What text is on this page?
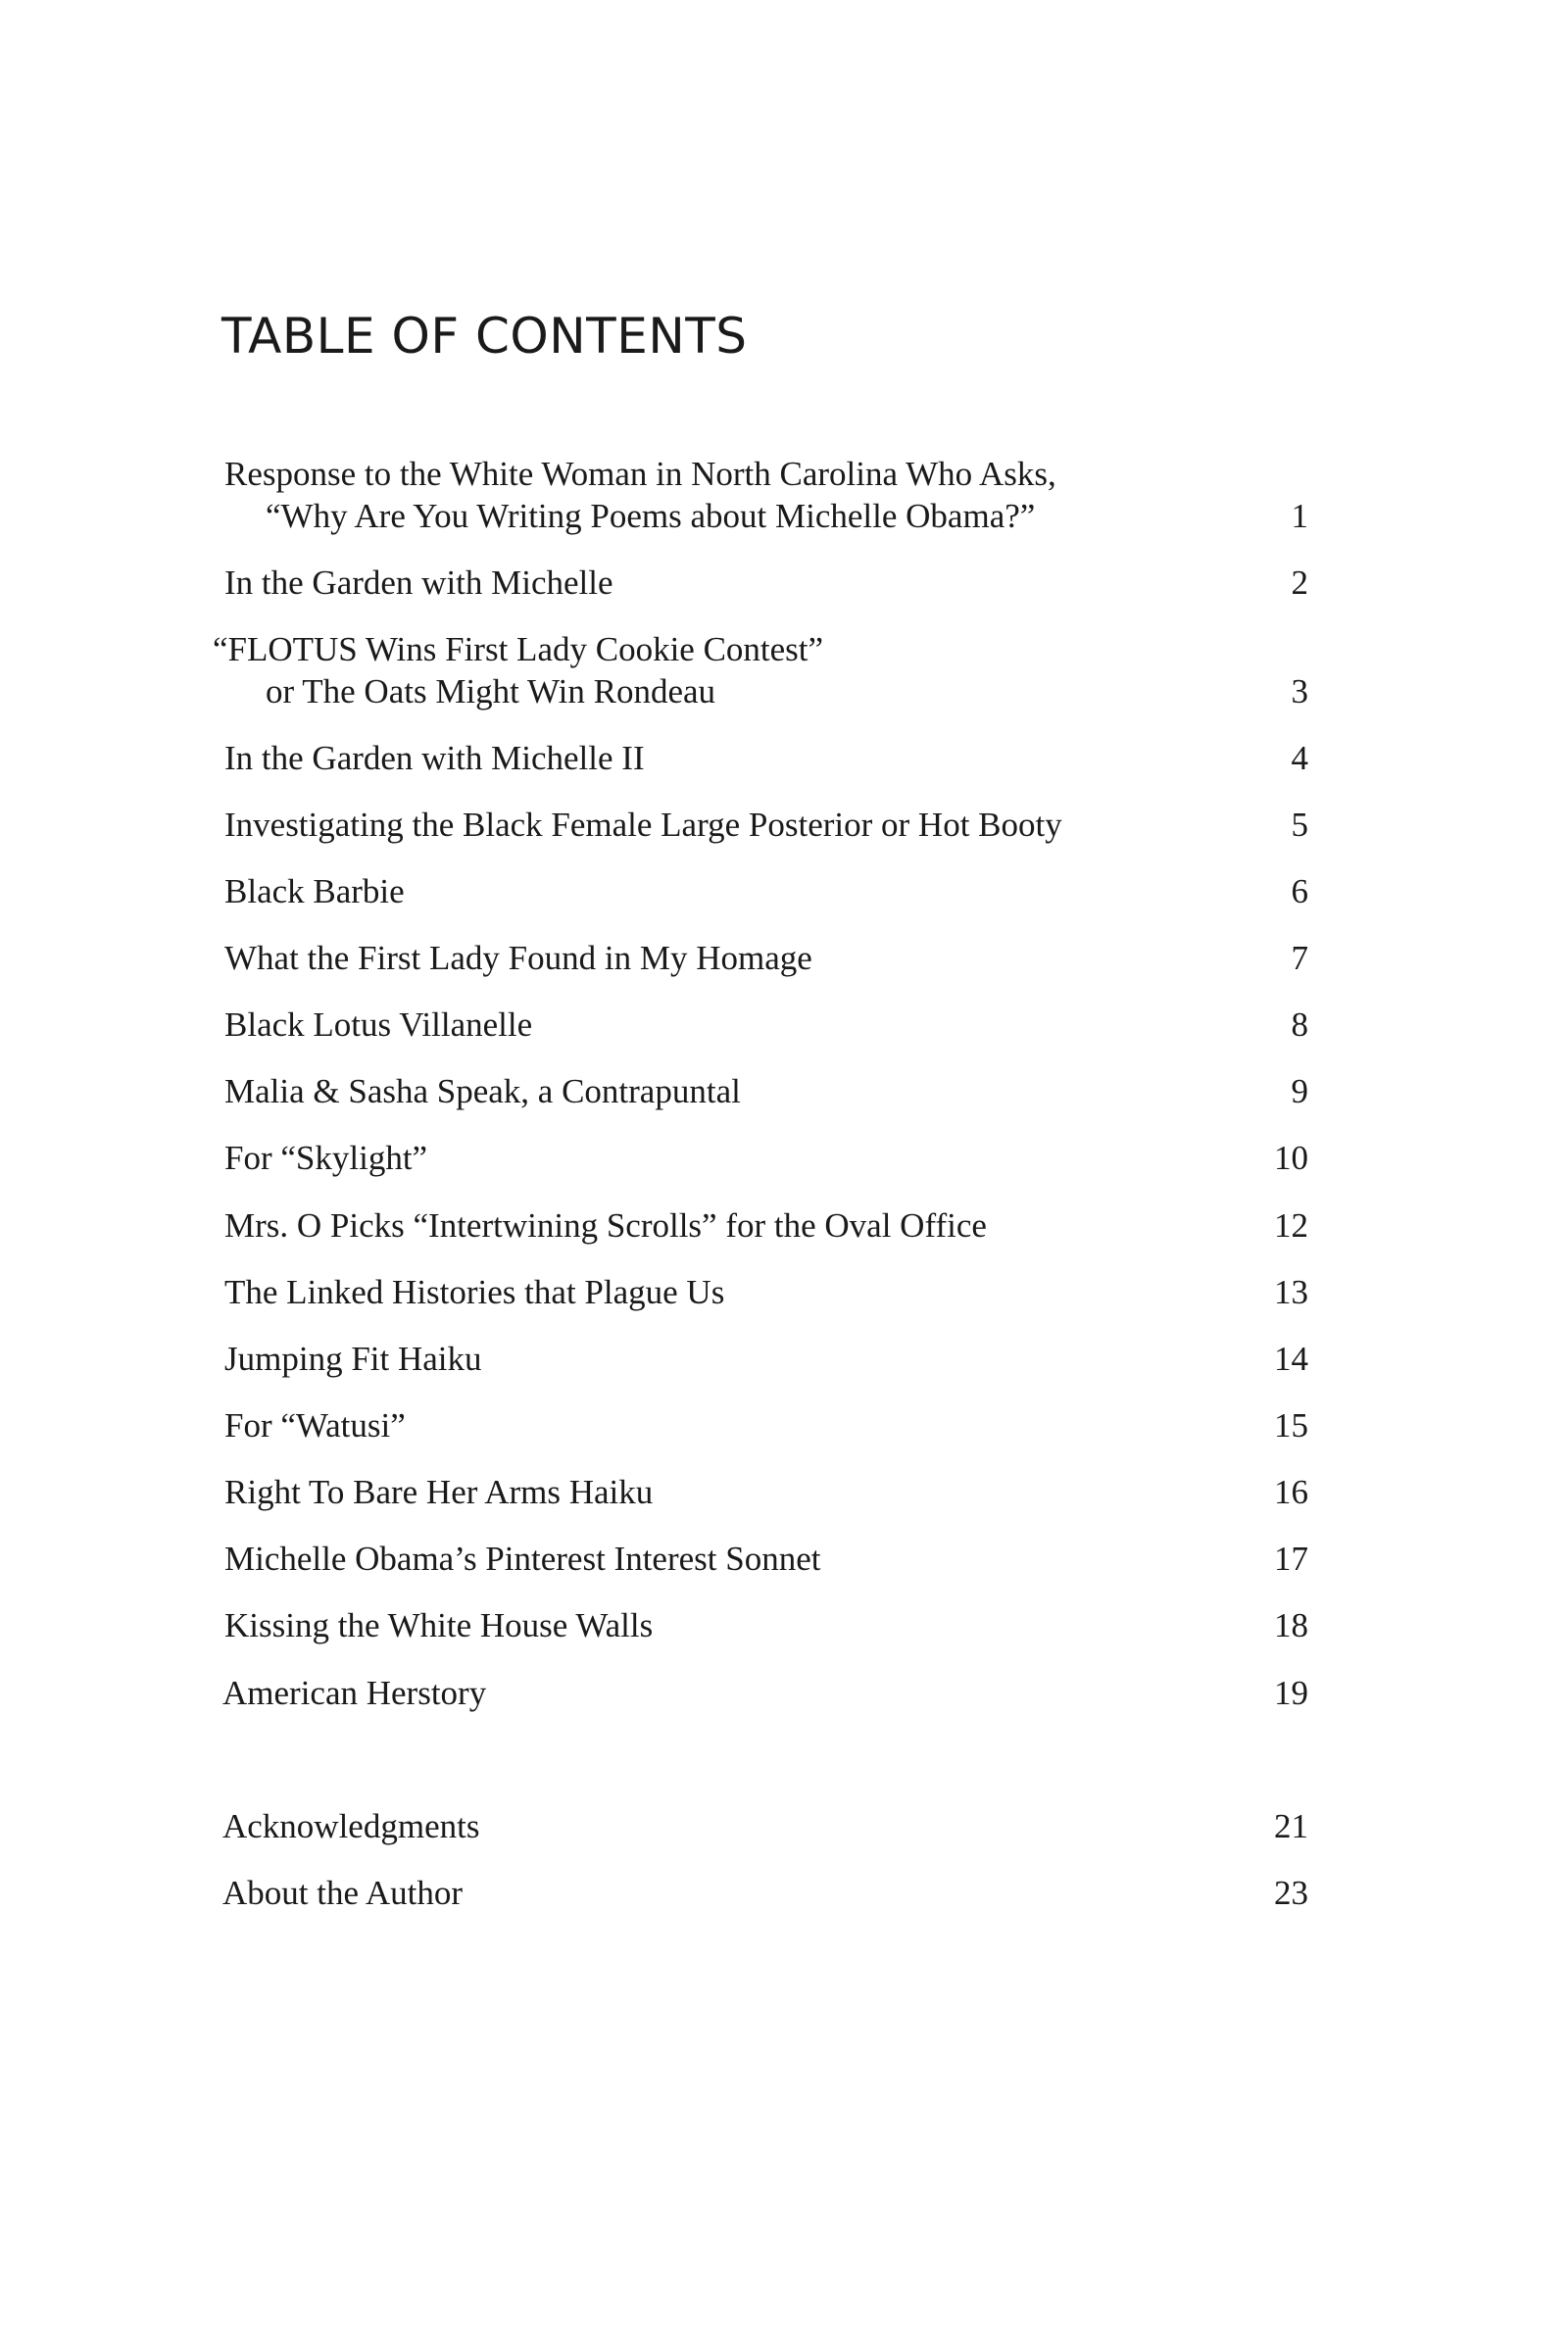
TABLE OF CONTENTS
Response to the White Woman in North Carolina Who Asks,
“Why Are You Writing Poems about Michelle Obama?”	1
In the Garden with Michelle	2
“FLOTUS Wins First Lady Cookie Contest”
or The Oats Might Win Rondeau	3
In the Garden with Michelle II	4
Investigating the Black Female Large Posterior or Hot Booty	5
Black Barbie	6
What the First Lady Found in My Homage	7
Black Lotus Villanelle	8
Malia & Sasha Speak, a Contrapuntal	9
For “Skylight”	10
Mrs. O Picks “Intertwining Scrolls” for the Oval Office	12
The Linked Histories that Plague Us	13
Jumping Fit Haiku	14
For “Watusi”	15
Right To Bare Her Arms Haiku	16
Michelle Obama’s Pinterest Interest Sonnet	17
Kissing the White House Walls	18
American Herstory	19
Acknowledgments	21
About the Author	23
